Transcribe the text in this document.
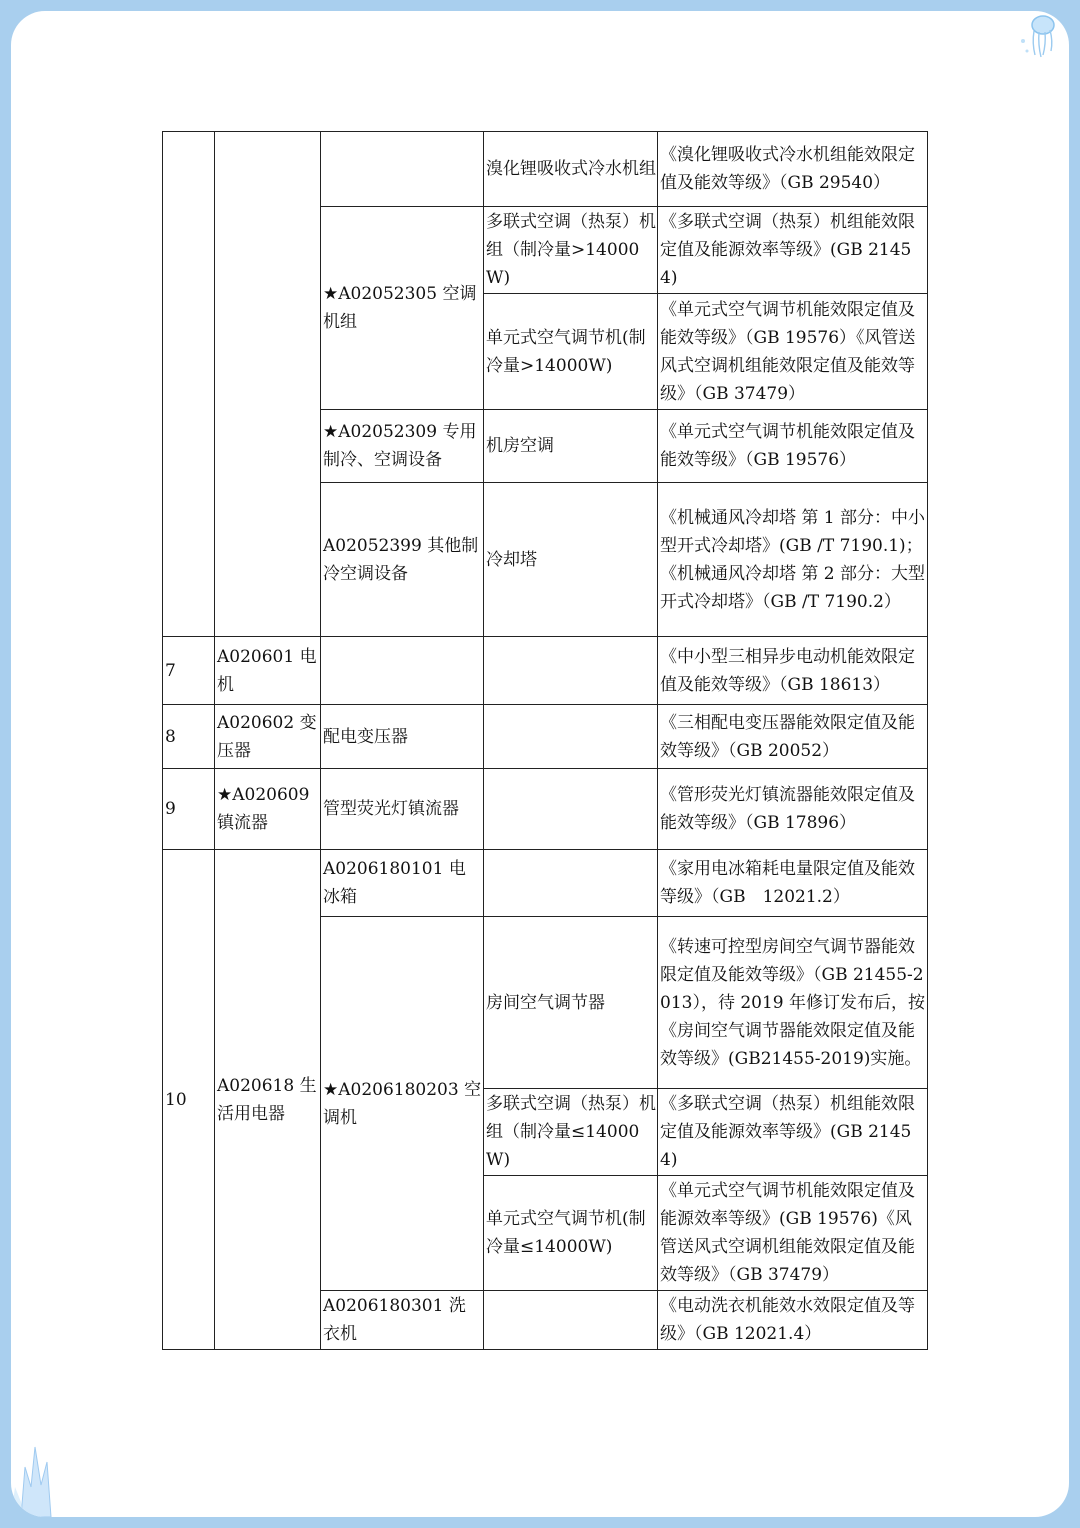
			溴化锂吸收式冷水机组	《溴化锂吸收式冷水机组能效限定值及能效等级》（GB 29540）
		★A02052305 空调机组	多联式空调（热泵）机组（制冷量>14000W)	《多联式空调（热泵）机组能效限定值及能源效率等级》(GB 21454)
			单元式空气调节机(制冷量>14000W)	《单元式空气调节机能效限定值及能效等级》（GB 19576）《风管送风式空调机组能效限定值及能效等级》（GB 37479）
		★A02052309 专用制冷、空调设备	机房空调	《单元式空气调节机能效限定值及能效等级》（GB 19576）
		A02052399 其他制冷空调设备	冷却塔	《机械通风冷却塔 第 1 部分：中小型开式冷却塔》(GB /T 7190.1)；《机械通风冷却塔 第 2 部分：大型开式冷却塔》（GB /T 7190.2）

7	A020601 电机			《中小型三相异步电动机能效限定值及能效等级》（GB 18613）
8	A020602 变压器	配电变压器		《三相配电变压器能效限定值及能效等级》（GB 20052）
9	★A020609 镇流器	管型荧光灯镇流器		《管形荧光灯镇流器能效限定值及能效等级》（GB 17896）
10	A020618 生活用电器	A0206180101 电冰箱		《家用电冰箱耗电量限定值及能效等级》（GB　12021.2）
		★A0206180203 空调机	房间空气调节器	《转速可控型房间空气调节器能效限定值及能效等级》（GB 21455-2013），待 2019 年修订发布后，按《房间空气调节器能效限定值及能效等级》(GB21455-2019)实施。
			多联式空调（热泵）机组（制冷量≤14000W)	《多联式空调（热泵）机组能效限定值及能源效率等级》(GB 21454)
			单元式空气调节机(制冷量≤14000W)	《单元式空气调节机能效限定值及能源效率等级》(GB 19576)《风管送风式空调机组能效限定值及能效等级》（GB 37479）
		A0206180301 洗衣机		《电动洗衣机能效水效限定值及等级》（GB 12021.4）
